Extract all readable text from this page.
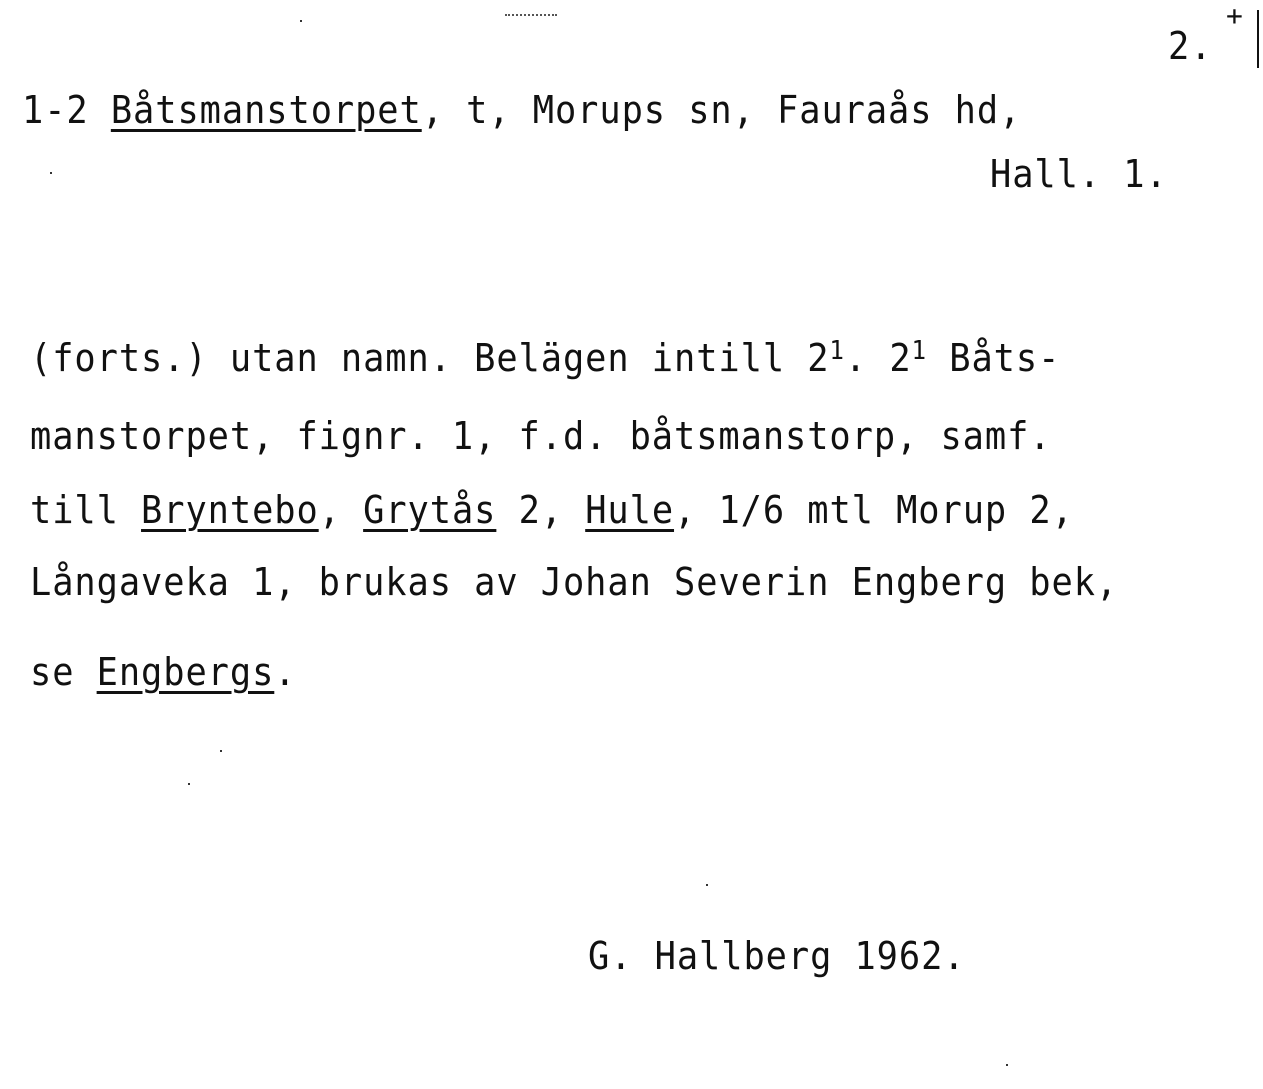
+
2.
1-2 Båtsmanstorpet, t, Morups sn, Fauraås hd,
Hall. 1.
(forts.) utan namn. Belägen intill $2^1$. $2^1$ Båts-
manstorpet, fignr. 1, f.d. båtsmanstorp, samf.
till Bryntebo, Grytås 2, Hule, 1/6 mtl Morup 2,
Långaveka 1, brukas av Johan Severin Engberg bek,
se Engbergs.
G. Hallberg 1962.
